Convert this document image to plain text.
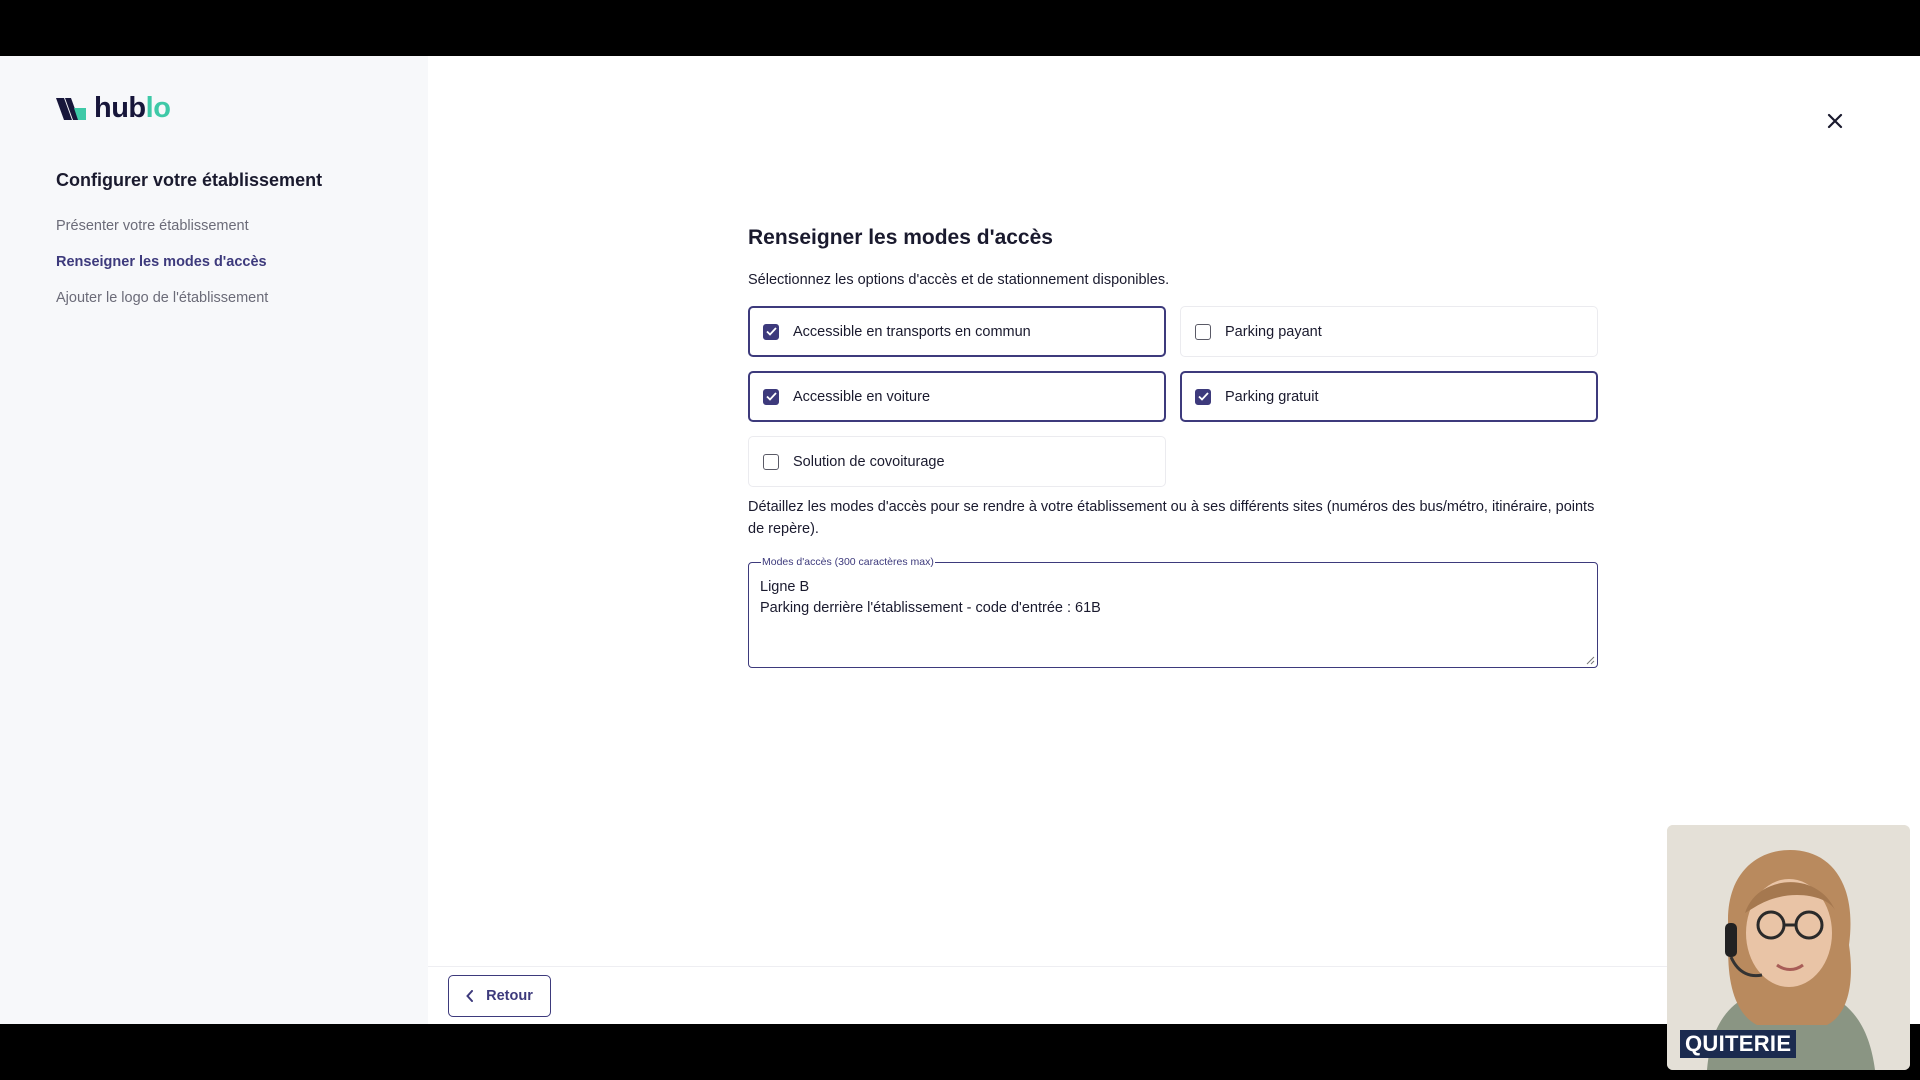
hublo
Configurer votre établissement
Présenter votre établissement
Renseigner les modes d'accès
Ajouter le logo de l'établissement
Renseigner les modes d'accès

Sélectionnez les options d'accès et de stationnement disponibles.

Accessible en transports en commun	Parking payant
Accessible en voiture	Parking gratuit
Solution de covoiturage

Détaillez les modes d'accès pour se rendre à votre établissement ou à ses différents sites (numéros des bus/métro, itinéraire, points de repère).

Modes d'accès (300 caractères max)
Ligne B
Parking derrière l'établissement - code d'entrée : 61B
Retour
QUITERIE
